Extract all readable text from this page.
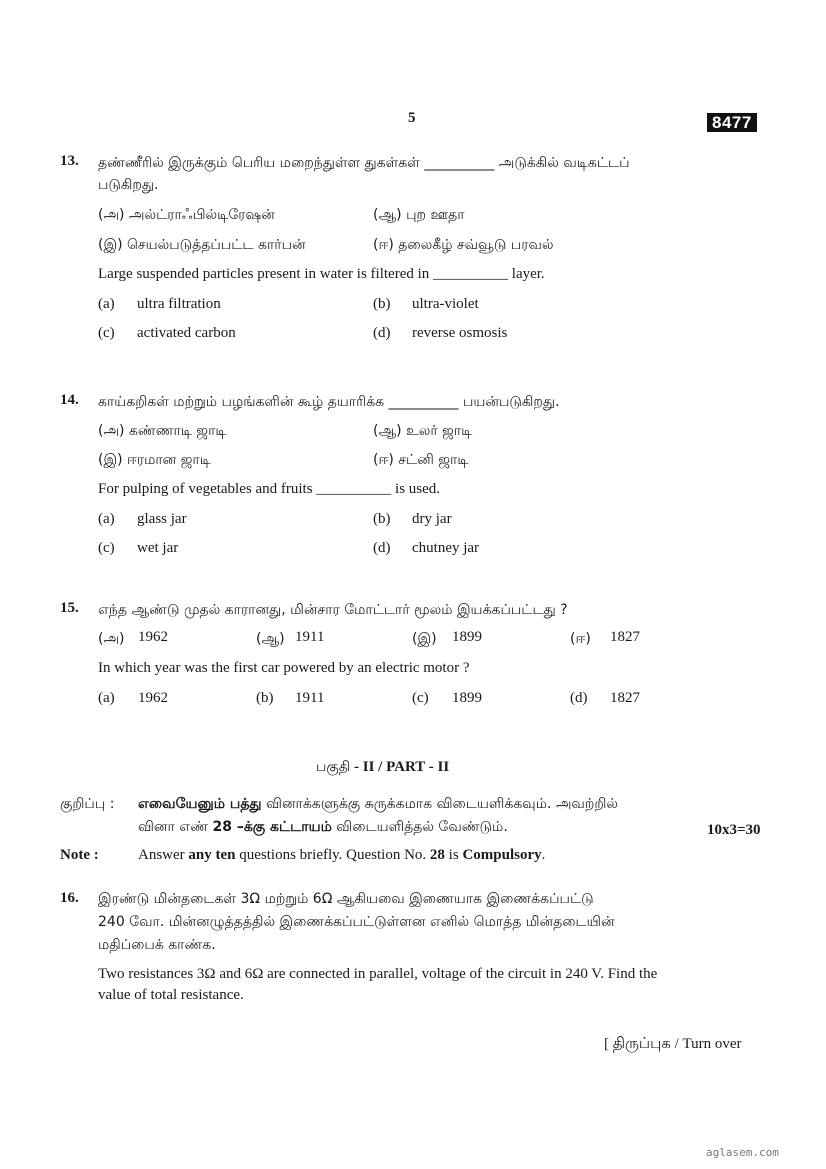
5	8477
13. தண்ணீரில் இருக்கும் பெரிய மறைந்துள்ள துகள்கள் __________ அடுக்கில் வடிகட்டப்
படுகிறது.
(அ) அல்ட்ராஃபில்டிரேஷன்	(ஆ) புற ஊதா
(இ) செயல்படுத்தப்பட்ட கார்பன்	(ஈ) தலைகீழ் சவ்வூடு பரவல்
Large suspended particles present in water is filtered in __________ layer.
(a) ultra filtration	(b) ultra-violet
(c) activated carbon	(d) reverse osmosis
14. காய்கறிகள் மற்றும் பழங்களின் கூழ் தயாரிக்க __________ பயன்படுகிறது.
(அ) கண்ணாடி ஜாடி	(ஆ) உலர் ஜாடி
(இ) ஈரமான ஜாடி	(ஈ) சட்னி ஜாடி
For pulping of vegetables and fruits __________ is used.
(a) glass jar	(b) dry jar
(c) wet jar	(d) chutney jar
15. எந்த ஆண்டு முதல் காரானது, மின்சார மோட்டார் மூலம் இயக்கப்பட்டது ?
(அ) 1962	(ஆ) 1911	(இ) 1899	(ஈ) 1827
In which year was the first car powered by an electric motor ?
(a) 1962	(b) 1911	(c) 1899	(d) 1827
பகுதி - II / PART - II
குறிப்பு : எவையேனும் பத்து வினாக்களுக்கு சுருக்கமாக விடையளிக்கவும். அவற்றில்
வினா எண் 28 –க்கு கட்டாயம் விடையளித்தல் வேண்டும்.	10x3=30
Note :	Answer any ten questions briefly. Question No. 28 is Compulsory.
16. இரண்டு மின்தடைகள் 3Ω மற்றும் 6Ω ஆகியவை இணையாக இணைக்கப்பட்டு
240 வோ. மின்னழுத்தத்தில் இணைக்கப்பட்டுள்ளன எனில் மொத்த மின்தடையின்
மதிப்பைக் காண்க.
Two resistances 3Ω and 6Ω are connected in parallel, voltage of the circuit in 240 V. Find the
value of total resistance.
[ திருப்புக / Turn over
aglasem.com
